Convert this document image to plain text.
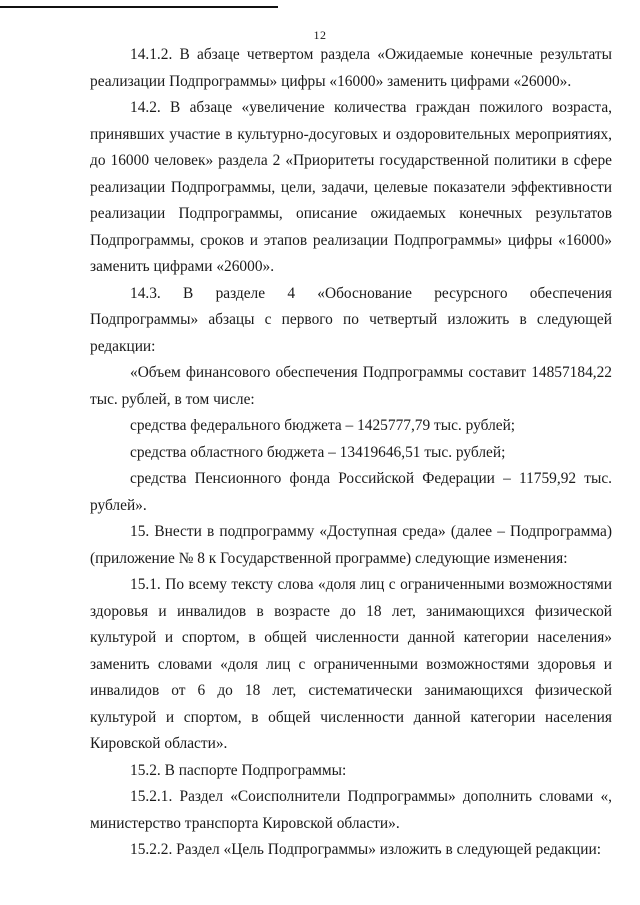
12

14.1.2. В абзаце четвертом раздела «Ожидаемые конечные результаты реализации Подпрограммы» цифры «16000» заменить цифрами «26000».

14.2. В абзаце «увеличение количества граждан пожилого возраста, принявших участие в культурно-досуговых и оздоровительных мероприятиях, до 16000 человек» раздела 2 «Приоритеты государственной политики в сфере реализации Подпрограммы, цели, задачи, целевые показатели эффективности реализации Подпрограммы, описание ожидаемых конечных результатов Подпрограммы, сроков и этапов реализации Подпрограммы» цифры «16000» заменить цифрами «26000».

14.3. В разделе 4 «Обоснование ресурсного обеспечения Подпрограммы» абзацы с первого по четвертый изложить в следующей редакции:

«Объем финансового обеспечения Подпрограммы составит 14857184,22 тыс. рублей, в том числе:

средства федерального бюджета – 1425777,79 тыс. рублей;

средства областного бюджета – 13419646,51 тыс. рублей;

средства Пенсионного фонда Российской Федерации – 11759,92 тыс. рублей».

15. Внести в подпрограмму «Доступная среда» (далее – Подпрограмма) (приложение № 8 к Государственной программе) следующие изменения:

15.1. По всему тексту слова «доля лиц с ограниченными возможностями здоровья и инвалидов в возрасте до 18 лет, занимающихся физической культурой и спортом, в общей численности данной категории населения» заменить словами «доля лиц с ограниченными возможностями здоровья и инвалидов от 6 до 18 лет, систематически занимающихся физической культурой и спортом, в общей численности данной категории населения Кировской области».

15.2. В паспорте Подпрограммы:

15.2.1. Раздел «Соисполнители Подпрограммы» дополнить словами «, министерство транспорта Кировской области».

15.2.2. Раздел «Цель Подпрограммы» изложить в следующей редакции:
